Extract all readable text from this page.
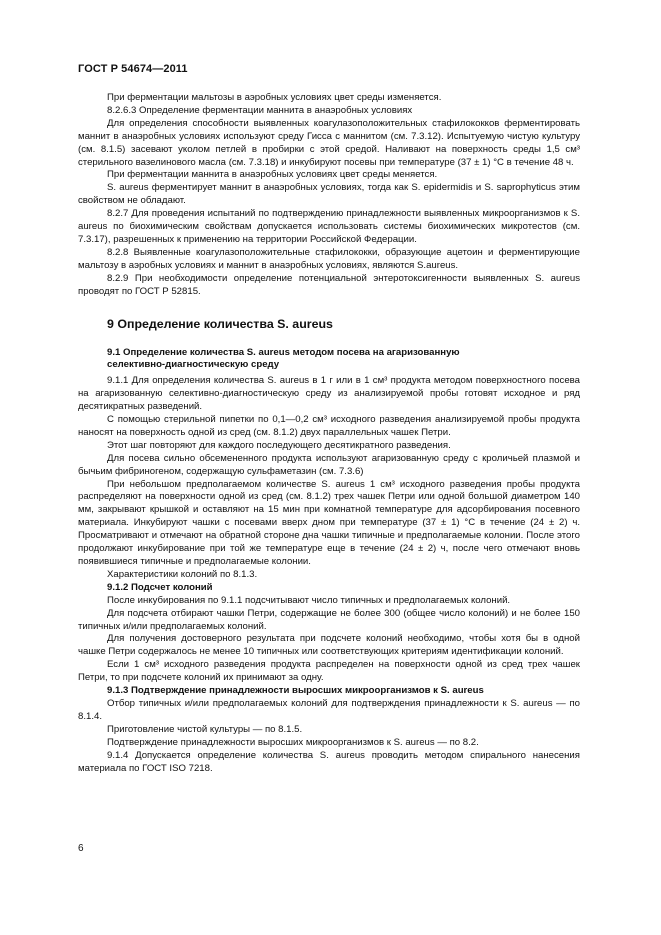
ГОСТ Р 54674—2011

При ферментации мальтозы в аэробных условиях цвет среды изменяется.

8.2.6.3 Определение ферментации маннита в анаэробных условиях

Для определения способности выявленных коагулазоположительных стафилококков ферментировать маннит в анаэробных условиях используют среду Гисса с маннитом (см. 7.3.12). Испытуемую чистую культуру (см. 8.1.5) засевают уколом петлей в пробирки с этой средой. Наливают на поверхность среды 1,5 см³ стерильного вазелинового масла (см. 7.3.18) и инкубируют посевы при температуре (37 ± 1) °С в течение 48 ч.

При ферментации маннита в анаэробных условиях цвет среды меняется.

S. aureus ферментирует маннит в анаэробных условиях, тогда как S. epidermidis и S. saprophyticus этим свойством не обладают.

8.2.7 Для проведения испытаний по подтверждению принадлежности выявленных микроорганизмов к S. aureus по биохимическим свойствам допускается использовать системы биохимических микротестов (см. 7.3.17), разрешенных к применению на территории Российской Федерации.

8.2.8 Выявленные коагулазоположительные стафилококки, образующие ацетоин и ферментирующие мальтозу в аэробных условиях и маннит в анаэробных условиях, являются S.aureus.

8.2.9 При необходимости определение потенциальной энтеротоксигенности выявленных S. aureus проводят по ГОСТ Р 52815.

9 Определение количества S. aureus
9.1 Определение количества S. aureus методом посева на агаризованную
селективно-диагностическую среду

9.1.1 Для определения количества S. aureus в 1 г или в 1 см³ продукта методом поверхностного посева на агаризованную селективно-диагностическую среду из анализируемой пробы готовят исходное и ряд десятикратных разведений.

С помощью стерильной пипетки по 0,1—0,2 см³ исходного разведения анализируемой пробы продукта наносят на поверхность одной из сред (см. 8.1.2) двух параллельных чашек Петри.

Этот шаг повторяют для каждого последующего десятикратного разведения.

Для посева сильно обсемененного продукта используют агаризованную среду с кроличьей плазмой и бычьим фибриногеном, содержащую сульфаметазин (см. 7.3.6)

При небольшом предполагаемом количестве S. aureus 1 см³ исходного разведения пробы продукта распределяют на поверхности одной из сред (см. 8.1.2) трех чашек Петри или одной большой диаметром 140 мм, закрывают крышкой и оставляют на 15 мин при комнатной температуре для адсорбирования посевного материала. Инкубируют чашки с посевами вверх дном при температуре (37 ± 1) °С в течение (24 ± 2) ч. Просматривают и отмечают на обратной стороне дна чашки типичные и предполагаемые колонии. После этого продолжают инкубирование при той же температуре еще в течение (24 ± 2) ч, после чего отмечают вновь появившиеся типичные и предполагаемые колонии.

Характеристики колоний по 8.1.3.

9.1.2 Подсчет колоний

После инкубирования по 9.1.1 подсчитывают число типичных и предполагаемых колоний.

Для подсчета отбирают чашки Петри, содержащие не более 300 (общее число колоний) и не более 150 типичных и/или предполагаемых колоний.

Для получения достоверного результата при подсчете колоний необходимо, чтобы хотя бы в одной чашке Петри содержалось не менее 10 типичных или соответствующих критериям идентификации колоний.

Если 1 см³ исходного разведения продукта распределен на поверхности одной из сред трех чашек Петри, то при подсчете колоний их принимают за одну.

9.1.3 Подтверждение принадлежности выросших микроорганизмов к S. aureus

Отбор типичных и/или предполагаемых колоний для подтверждения принадлежности к S. aureus — по 8.1.4.

Приготовление чистой культуры — по 8.1.5.

Подтверждение принадлежности выросших микроорганизмов к S. aureus — по 8.2.

9.1.4 Допускается определение количества S. aureus проводить методом спирального нанесения материала по ГОСТ ISO 7218.

6
